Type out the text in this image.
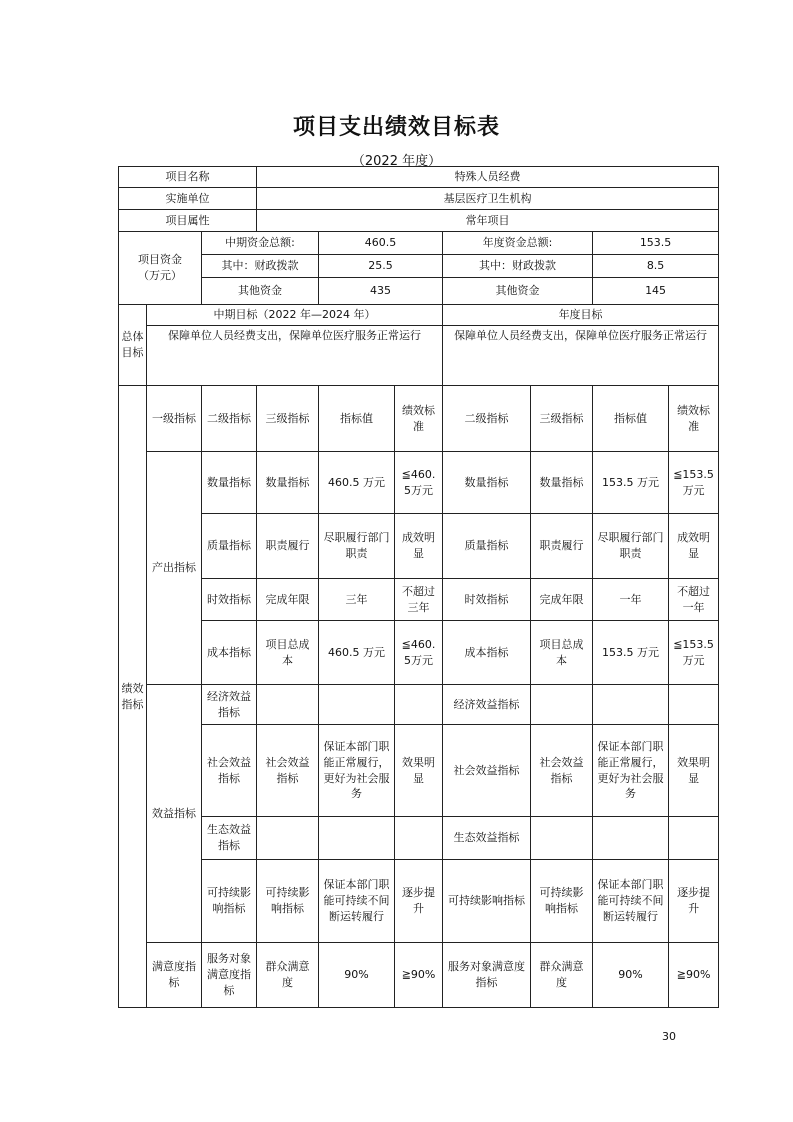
项目支出绩效目标表
（2022 年度）
项目名称			特殊人员经费						
实施单位			基层医疗卫生机构						
项目属性			常年项目						
项目资金
（万元）		中期资金总额:		460.5		年度资金总额:		153.5	
		其中：财政拨款		25.5		其中：财政拨款		8.5	
		其他资金		435		其他资金		145	
总体目标	中期目标（2022 年—2024 年）					年度目标			
	保障单位人员经费支出，保障单位医疗服务正常运行					保障单位人员经费支出，保障单位医疗服务正常运行			
绩效指标	一级指标	二级指标	三级指标	指标值	绩效标准	二级指标	三级指标	指标值	绩效标准
	产出指标	数量指标	数量指标	460.5 万元	≦460.5万元	数量指标	数量指标	153.5 万元	≦153.5万元
		质量指标	职责履行	尽职履行部门职责	成效明显	质量指标	职责履行	尽职履行部门职责	成效明显
		时效指标	完成年限	三年	不超过三年	时效指标	完成年限	一年	不超过一年
		成本指标	项目总成本	460.5 万元	≦460.5万元	成本指标	项目总成本	153.5 万元	≦153.5万元
	效益指标	经济效益指标				经济效益指标			
		社会效益指标	社会效益指标	保证本部门职能正常履行，更好为社会服务	效果明显	社会效益指标	社会效益指标	保证本部门职能正常履行，更好为社会服务	效果明显
		生态效益指标				生态效益指标			
		可持续影响指标	可持续影响指标	保证本部门职能可持续不间断运转履行	逐步提升	可持续影响指标	可持续影响指标	保证本部门职能可持续不间断运转履行	逐步提升
	满意度指标	服务对象满意度指标	群众满意度	90%	≧90%	服务对象满意度指标	群众满意度	90%	≧90%
30
